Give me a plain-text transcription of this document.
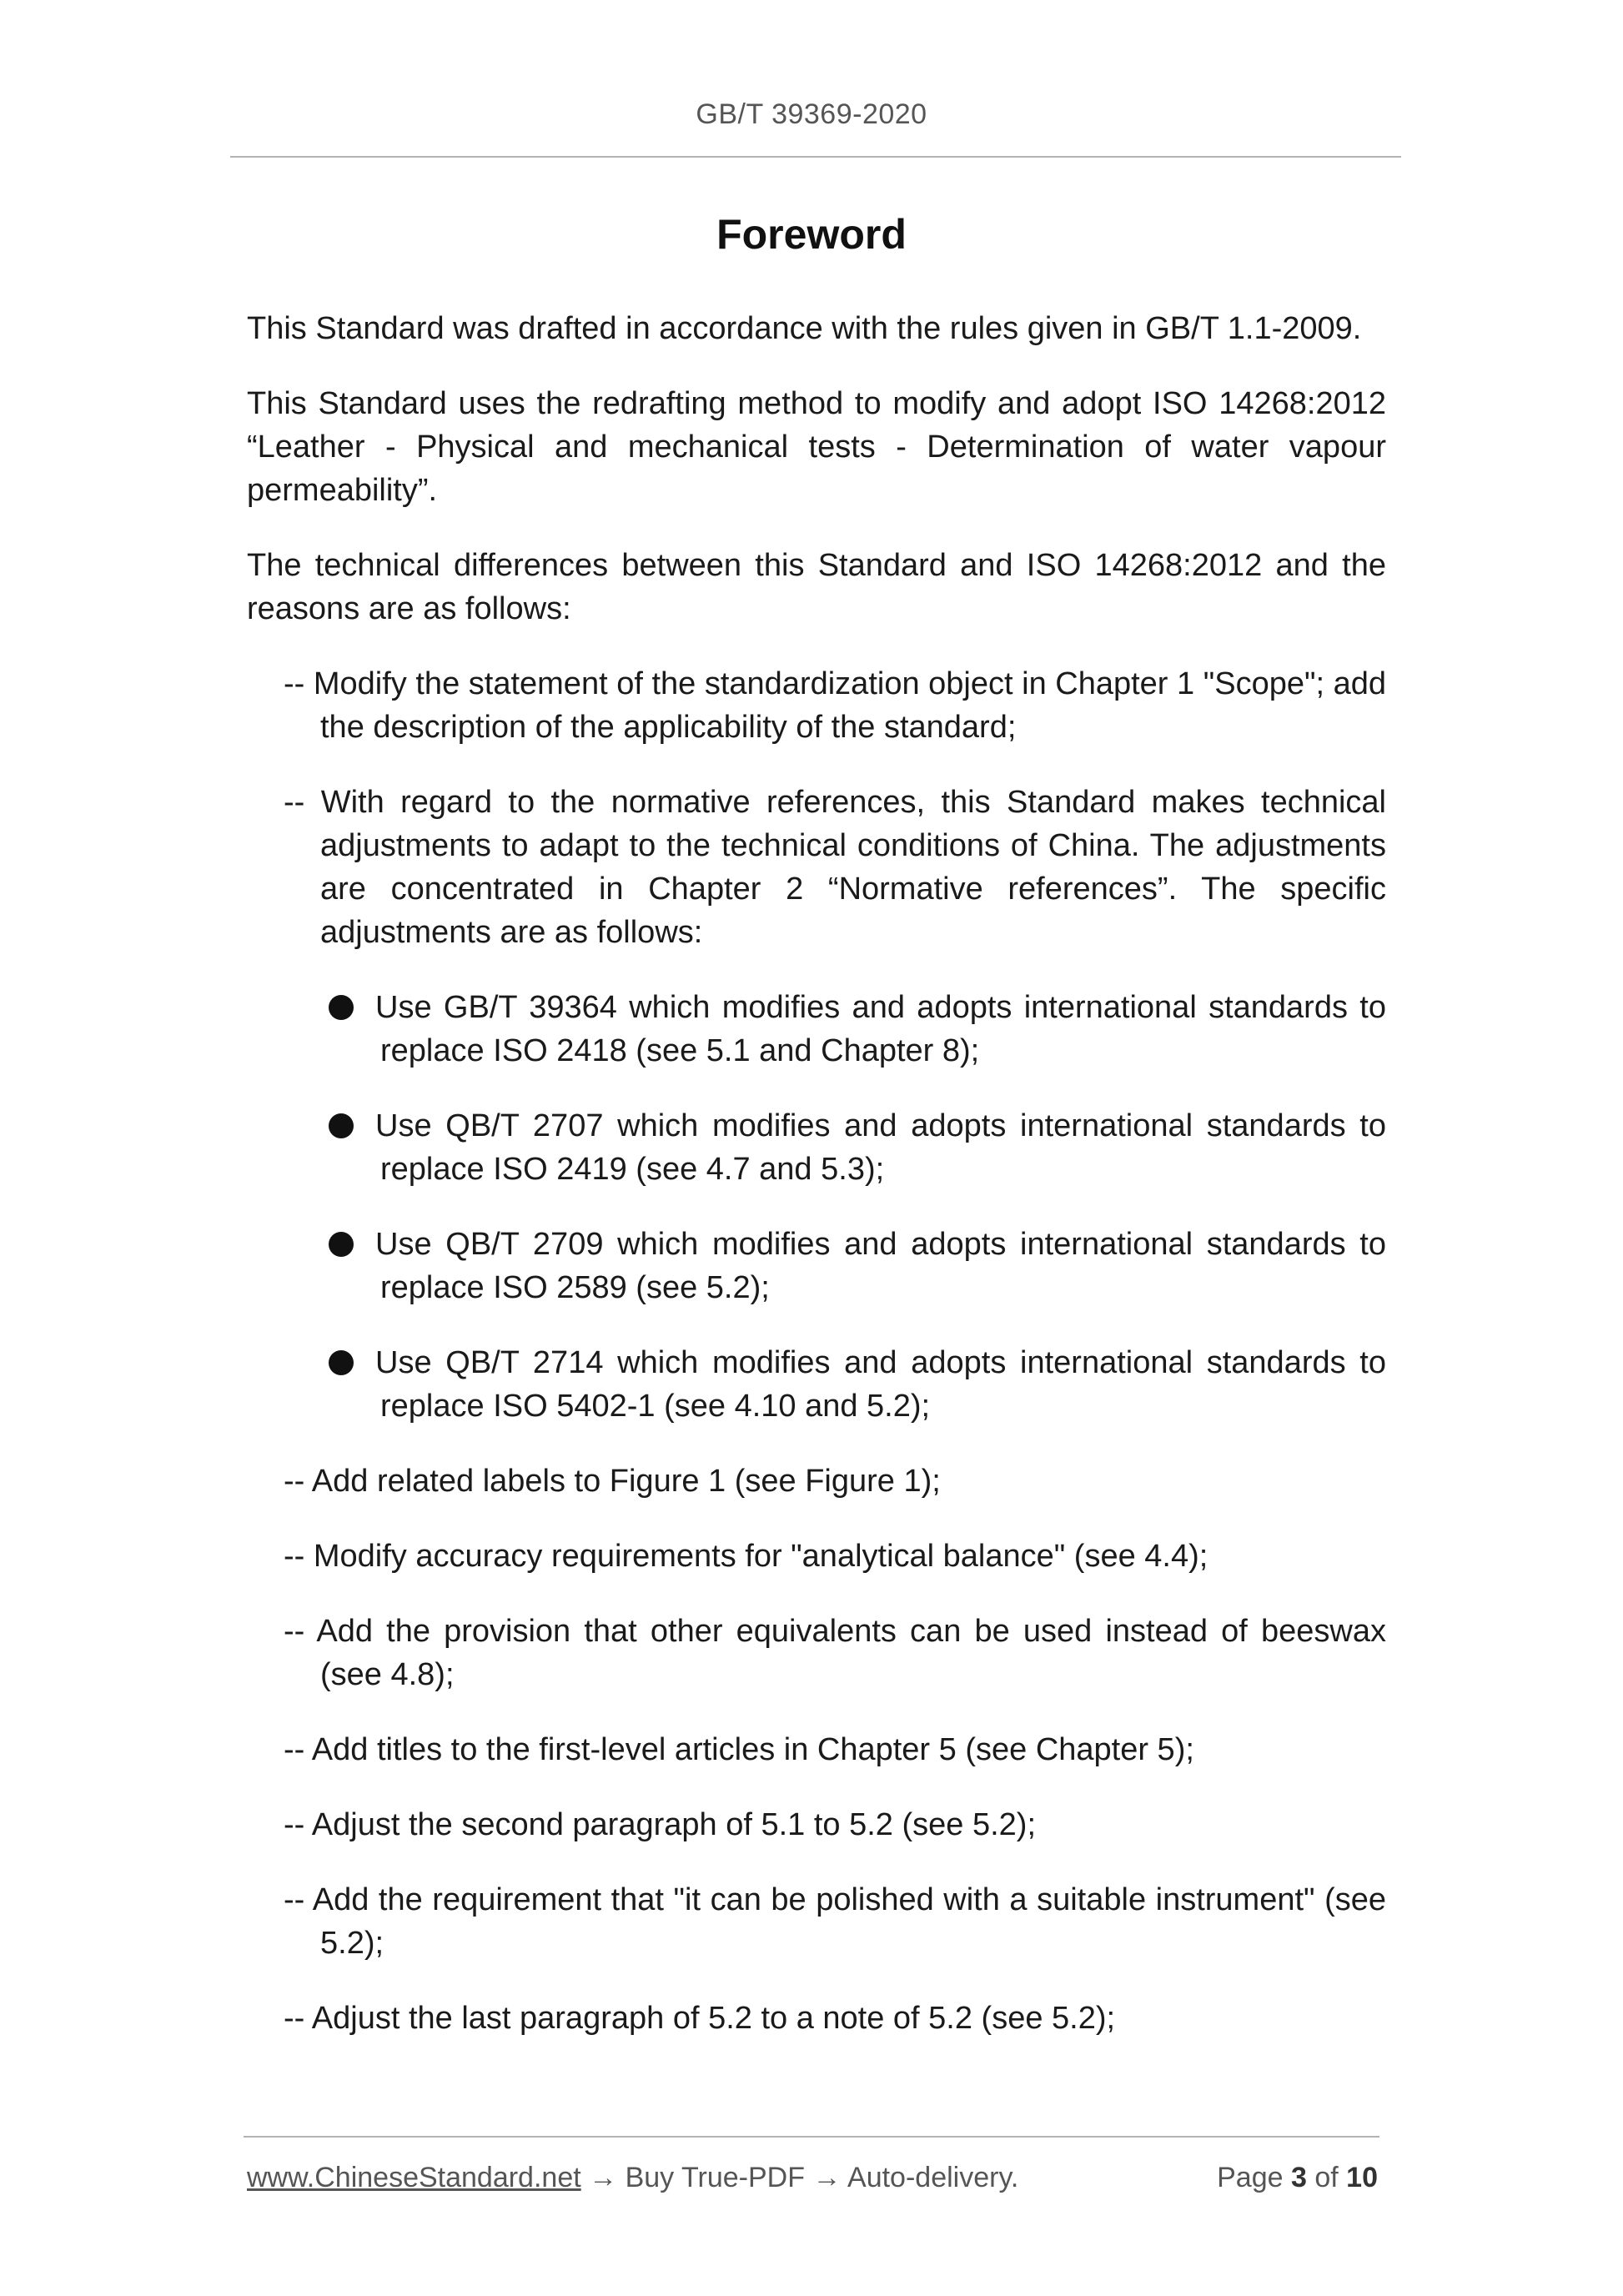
GB/T 39369-2020
Foreword

This Standard was drafted in accordance with the rules given in GB/T 1.1-2009.

This Standard uses the redrafting method to modify and adopt ISO 14268:2012 “Leather - Physical and mechanical tests - Determination of water vapour permeability”.

The technical differences between this Standard and ISO 14268:2012 and the reasons are as follows:

-- Modify the statement of the standardization object in Chapter 1 "Scope"; add the description of the applicability of the standard;
-- With regard to the normative references, this Standard makes technical adjustments to adapt to the technical conditions of China. The adjustments are concentrated in Chapter 2 “Normative references”. The specific adjustments are as follows:
Use GB/T 39364 which modifies and adopts international standards to replace ISO 2418 (see 5.1 and Chapter 8);
Use QB/T 2707 which modifies and adopts international standards to replace ISO 2419 (see 4.7 and 5.3);
Use QB/T 2709 which modifies and adopts international standards to replace ISO 2589 (see 5.2);
Use QB/T 2714 which modifies and adopts international standards to replace ISO 5402-1 (see 4.10 and 5.2);
-- Add related labels to Figure 1 (see Figure 1);
-- Modify accuracy requirements for "analytical balance" (see 4.4);
-- Add the provision that other equivalents can be used instead of beeswax (see 4.8);
-- Add titles to the first-level articles in Chapter 5 (see Chapter 5);
-- Adjust the second paragraph of 5.1 to 5.2 (see 5.2);
-- Add the requirement that "it can be polished with a suitable instrument" (see 5.2);
-- Adjust the last paragraph of 5.2 to a note of 5.2 (see 5.2);
www.ChineseStandard.net → Buy True-PDF → Auto-delivery.	Page 3 of 10
